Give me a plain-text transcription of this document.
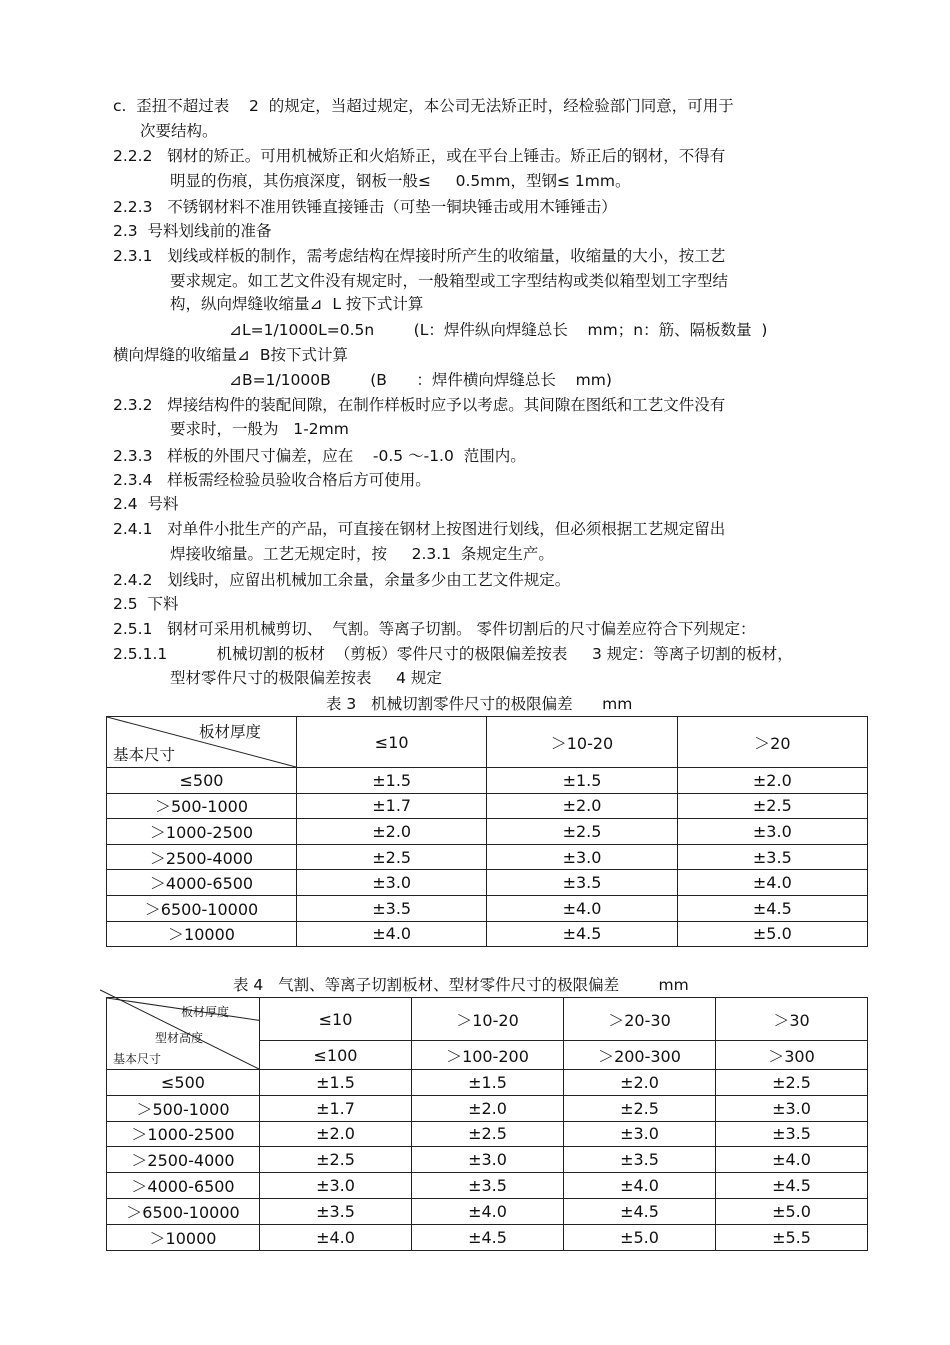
c.  歪扭不超过表    2  的规定，当超过规定，本公司无法矫正时，经检验部门同意，可用于
次要结构。
2.2.2   钢材的矫正。可用机械矫正和火焰矫正，或在平台上锤击。矫正后的钢材，不得有
明显的伤痕，其伤痕深度，钢板一般≤     0.5mm，型钢≤ 1mm。
2.2.3   不锈钢材料不准用铁锤直接锤击（可垫一铜块锤击或用木锤锤击）
2.3  号料划线前的准备
2.3.1   划线或样板的制作，需考虑结构在焊接时所产生的收缩量，收缩量的大小，按工艺
要求规定。如工艺文件没有规定时，一般箱型或工字型结构或类似箱型划工字型结
构，纵向焊缝收缩量⊿  L 按下式计算
⊿L=1/1000L=0.5n        (L：焊件纵向焊缝总长    mm；n：筋、隔板数量  )
横向焊缝的收缩量⊿  B按下式计算
⊿B=1/1000B        (B      ：焊件横向焊缝总长    mm)
2.3.2   焊接结构件的装配间隙，在制作样板时应予以考虑。其间隙在图纸和工艺文件没有
要求时，一般为   1-2mm
2.3.3   样板的外围尺寸偏差，应在    -0.5 ～-1.0  范围内。
2.3.4   样板需经检验员验收合格后方可使用。
2.4  号料
2.4.1   对单件小批生产的产品，可直接在钢材上按图进行划线，但必须根据工艺规定留出
焊接收缩量。工艺无规定时，按     2.3.1  条规定生产。
2.4.2   划线时，应留出机械加工余量，余量多少由工艺文件规定。
2.5  下料
2.5.1   钢材可采用机械剪切、  气割。等离子切割。 零件切割后的尺寸偏差应符合下列规定：
2.5.1.1          机械切割的板材  （剪板）零件尺寸的极限偏差按表     3 规定：等离子切割的板材，
型材零件尺寸的极限偏差按表     4 规定
表 3   机械切割零件尺寸的极限偏差      mm
板材厚度
基本尺寸	≤10	＞10-20	＞20
≤500	±1.5	±1.5	±2.0
＞500-1000	±1.7	±2.0	±2.5
＞1000-2500	±2.0	±2.5	±3.0
＞2500-4000	±2.5	±3.0	±3.5
＞4000-6500	±3.0	±3.5	±4.0
＞6500-10000	±3.5	±4.0	±4.5
＞10000	±4.0	±4.5	±5.0
表 4   气割、等离子切割板材、型材零件尺寸的极限偏差        mm
板材厚度
型材高度
基本尺寸	≤10	＞10-20	＞20-30	＞30
	≤100	＞100-200	＞200-300	＞300
≤500	±1.5	±1.5	±2.0	±2.5
＞500-1000	±1.7	±2.0	±2.5	±3.0
＞1000-2500	±2.0	±2.5	±3.0	±3.5
＞2500-4000	±2.5	±3.0	±3.5	±4.0
＞4000-6500	±3.0	±3.5	±4.0	±4.5
＞6500-10000	±3.5	±4.0	±4.5	±5.0
＞10000	±4.0	±4.5	±5.0	±5.5
